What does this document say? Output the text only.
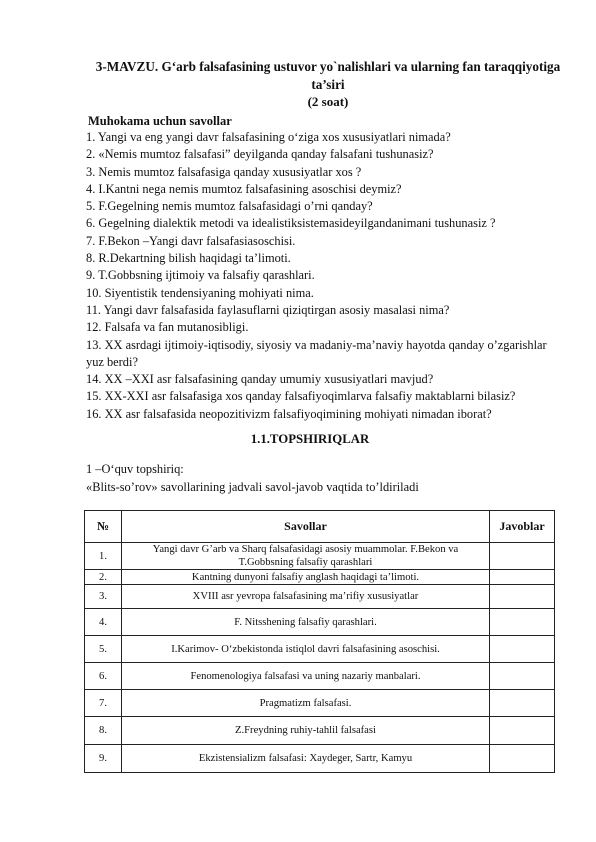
3-MAVZU. G‘arb falsafasining ustuvor yo`nalishlari va ularning fan taraqqiyotiga ta’siri
(2 soat)
Muhokama uchun savollar
1. Yangi va eng yangi davr falsafasining o‘ziga xos xususiyatlari nimada?
2. «Nemis mumtoz falsafasi” deyilganda qanday falsafani tushunasiz?
3. Nemis mumtoz falsafasiga qanday xususiyatlar xos ?
4. I.Kantni nega nemis mumtoz falsafasining asoschisi deymiz?
5. F.Gegelning nemis mumtoz falsafasidagi o’rni qanday?
6. Gegelning dialektik metodi va idealistiksistemasideyilgandanimani tushunasiz ?
7. F.Bekon –Yangi davr falsafasiasoschisi.
8. R.Dekartning bilish haqidagi ta’limoti.
9. T.Gobbsning ijtimoiy va falsafiy qarashlari.
10. Siyentistik tendensiyaning mohiyati nima.
11. Yangi davr falsafasida faylasuflarni qiziqtirgan asosiy masalasi nima?
12. Falsafa va fan mutanosibligi.
13. XX asrdagi ijtimoiy-iqtisodiy, siyosiy va madaniy-ma’naviy hayotda qanday o’zgarishlar yuz berdi?
14. XX –XXI asr falsafasining qanday umumiy xususiyatlari mavjud?
15. XX-XXI asr falsafasiga xos qanday falsafiyoqimlarva falsafiy maktablarni bilasiz?
16. XX asr falsafasida neopozitivizm falsafiyoqimining mohiyati nimadan iborat?
1.1.TOPSHIRIQLAR
1 –O‘quv topshiriq:
«Blits-so’rov» savollarining jadvali savol-javob vaqtida to’ldiriladi
№	Savollar	Javoblar
1.	Yangi davr G’arb va Sharq falsafasidagi asosiy muammolar. F.Bekon va T.Gobbsning falsafiy qarashlari	
2.	Kantning dunyoni falsafiy anglash haqidagi ta’limoti.	
3.	XVIII asr yevropa falsafasining ma’rifiy xususiyatlar	
4.	F. Nitsshening falsafiy qarashlari.	
5.	I.Karimov- O‘zbekistonda istiqlol davri falsafasining asoschisi.	
6.	Fenomenologiya falsafasi va uning nazariy manbalari.	
7.	Pragmatizm falsafasi.	
8.	Z.Freydning ruhiy-tahlil falsafasi	
9.	Ekzistensializm falsafasi: Xaydeger, Sartr, Kamyu	
